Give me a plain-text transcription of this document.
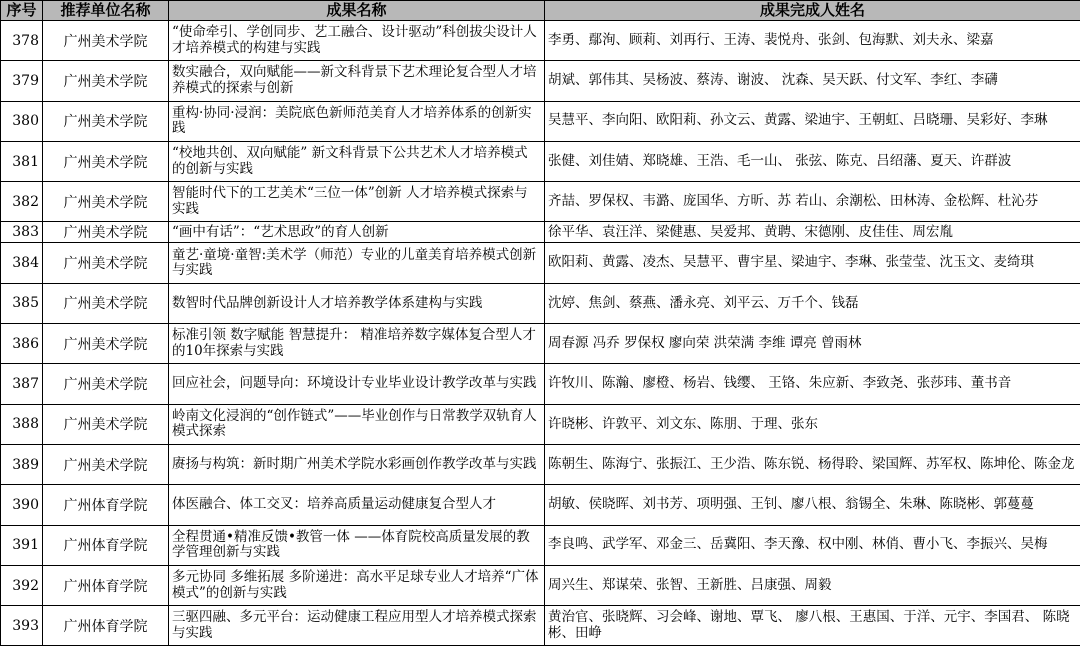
序号	推荐单位名称	成果名称	成果完成人姓名
378	广州美术学院	“使命牵引、学创同步、艺工融合、设计驱动”科创拔尖设计人才培养模式的构建与实践	李勇、鄢洵、顾莉、刘再行、王涛、裴悦舟、张剑、包海默、刘夫永、梁嘉
379	广州美术学院	数实融合，双向赋能——新文科背景下艺术理论复合型人才培养模式的探索与创新	胡斌、郭伟其、吴杨波、蔡涛、谢波、 沈森、吴天跃、付文军、李红、李礴
380	广州美术学院	重构·协同·浸润：美院底色新师范美育人才培养体系的创新实践	吴慧平、李向阳、欧阳莉、孙文云、黄露、梁迪宇、王朝虹、吕晓珊、吴彩好、李琳
381	广州美术学院	“校地共创、双向赋能” 新文科背景下公共艺术人才培养模式的创新与实践	张健、刘佳婧、郑晓雄、王浩、毛一山、 张弦、陈克、吕绍藩、夏天、许群波
382	广州美术学院	智能时代下的工艺美术“三位一体”创新 人才培养模式探索与实践	齐喆、罗保权、韦潞、庞国华、方昕、苏 若山、余潮松、田林涛、金松辉、杜沁芬
383	广州美术学院	“画中有话”：“艺术思政”的育人创新	徐平华、袁汪洋、梁健惠、吴爱邦、黄聘、宋德刚、皮佳佳、周宏胤
384	广州美术学院	童艺·童境·童智:美术学（师范）专业的儿童美育培养模式创新与实践	欧阳莉、黄露、凌杰、吴慧平、曹宇星、梁迪宇、李琳、张莹莹、沈玉文、麦绮琪
385	广州美术学院	数智时代品牌创新设计人才培养教学体系建构与实践	沈婷、焦剑、蔡燕、潘永亮、刘平云、万千个、钱磊
386	广州美术学院	标准引领 数字赋能 智慧提升： 精准培养数字媒体复合型人才的10年探索与实践	周春源 冯乔 罗保权 廖向荣 洪荣满 李维 谭亮 曾雨林
387	广州美术学院	回应社会，问题导向：环境设计专业毕业设计教学改革与实践	许牧川、陈瀚、廖橙、杨岩、钱缨、 王铬、朱应新、李致尧、张莎玮、董书音
388	广州美术学院	岭南文化浸润的“创作链式”——毕业创作与日常教学双轨育人模式探索	许晓彬、许敦平、刘文东、陈朋、于理、张东
389	广州美术学院	赓扬与构筑：新时期广州美术学院水彩画创作教学改革与实践	陈朝生、陈海宁、张振江、王少浩、陈东锐、杨得聆、梁国辉、苏军权、陈坤伦、陈金龙
390	广州体育学院	体医融合、体工交叉：培养高质量运动健康复合型人才	胡敏、侯晓晖、刘书芳、项明强、王钊、廖八根、翁锡全、朱琳、陈晓彬、郭蔓蔓
391	广州体育学院	全程贯通•精准反馈•教管一体 ——体育院校高质量发展的教学管理创新与实践	李良鸣、武学军、邓金三、岳冀阳、李天豫、权中刚、林俏、曹小飞、李振兴、吴梅
392	广州体育学院	多元协同 多维拓展 多阶递进：高水平足球专业人才培养“广体模式”的创新与实践	周兴生、郑谋荣、张智、王新胜、吕康强、周毅
393	广州体育学院	三驱四融、多元平台：运动健康工程应用型人才培养模式探索与实践	黄治官、张晓辉、习会峰、谢地、覃飞、 廖八根、王惠国、于洋、元宇、李国君、 陈晓彬、田峥
